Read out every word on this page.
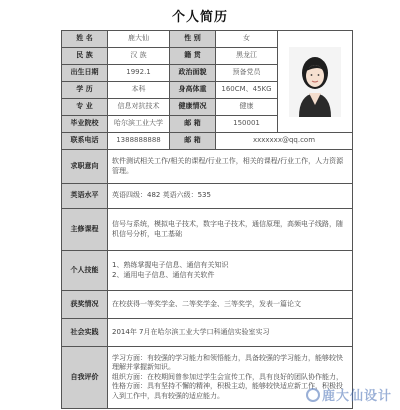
个人简历
姓 名	鹿大仙	性 别	女	

民 族	汉 族	籍 贯	黑龙江	
出生日期	1992.1	政治面貌	预备党员	
学 历	本科	身高体重	160CM、45KG	
专 业	信息对抗技术	健康情况	健康	
毕业院校	哈尔滨工业大学	邮 箱	150001	
联系电话	1388888888	邮 箱	xxxxxxx@qq.com	
求职意向	软件测试相关工作/相关的课程/行业工作，相关的课程/行业工作，人力资源管理。			
英语水平	英语四级：482 英语六级：535			
主修课程	信号与系统，模拟电子技术，数字电子技术，通信原理，高频电子线路，随机信号分析，电工基础			
个人技能	1、熟练掌握电子信息、通信有关知识
2、通用电子信息、通信有关软件			

获奖情况	在校获得一等奖学金、二等奖学金、三等奖学，发表一篇论文			
社会实践	2014年 7月在哈尔滨工业大学口科通信实验室实习			
自我评价	学习方面：有较强的学习能力和领悟能力，具备较强的学习能力，能够较快理解并掌握新知识。
组织方面：在校期间曾参加过学生会宣传工作，具有良好的团队协作能力，
性格方面：具有坚持不懈的精神，积极主动，能够较快适应新工作，积极投入到工作中，具有较强的适应能力。				鹿大仙设计
